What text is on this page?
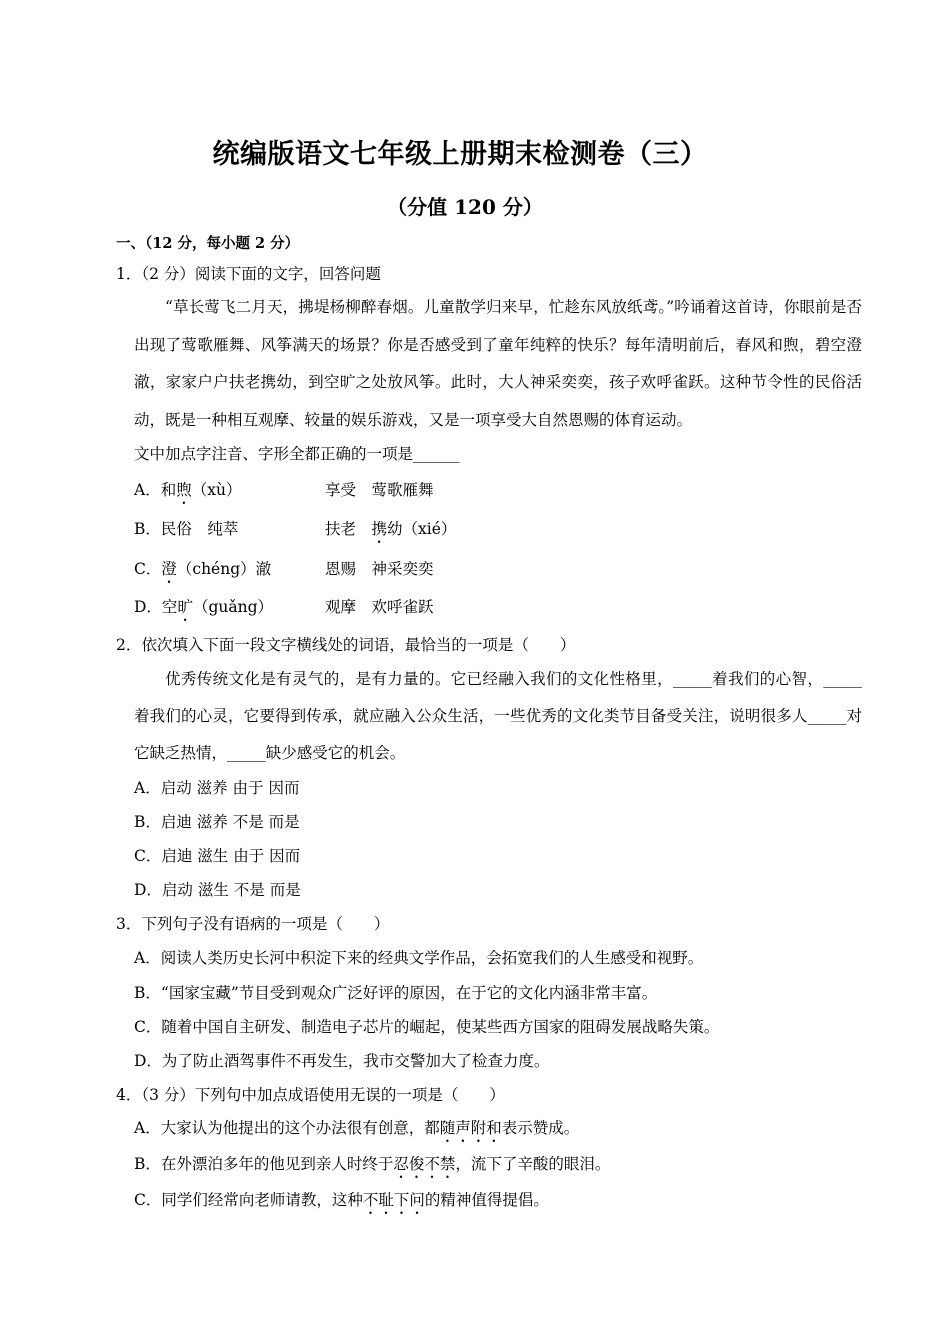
统编版语文七年级上册期末检测卷（三）
（分值 120 分）
一、（12 分，每小题 2 分）
1．（2 分）阅读下面的文字，回答问题
“草长莺飞二月天，拂堤杨柳醉春烟。儿童散学归来早，忙趁东风放纸鸢。”吟诵着这首诗，你眼前是否出现了莺歌雁舞、风筝满天的场景？你是否感受到了童年纯粹的快乐？每年清明前后，春风和煦，碧空澄澈，家家户户扶老携幼，到空旷之处放风筝。此时，大人神采奕奕，孩子欢呼雀跃。这种节令性的民俗活动，既是一种相互观摩、较量的娱乐游戏，又是一项享受大自然恩赐的体育运动。
文中加点字注音、字形全都正确的一项是______
A．和煦（xù）	享受　莺歌雁舞
B．民俗　纯萃	扶老　携幼（xié）
C．澄（chéng）澈	恩赐　神采奕奕
D．空旷（guǎng）	观摩　欢呼雀跃
2．依次填入下面一段文字横线处的词语，最恰当的一项是（　　）
优秀传统文化是有灵气的，是有力量的。它已经融入我们的文化性格里，_____着我们的心智，_____着我们的心灵，它要得到传承，就应融入公众生活，一些优秀的文化类节目备受关注，说明很多人_____对它缺乏热情，_____缺少感受它的机会。
A．启动 滋养 由于 因而
B．启迪 滋养 不是 而是
C．启迪 滋生 由于 因而
D．启动 滋生 不是 而是
3．下列句子没有语病的一项是（　　）
A．阅读人类历史长河中积淀下来的经典文学作品，会拓宽我们的人生感受和视野。
B．“国家宝藏”节目受到观众广泛好评的原因，在于它的文化内涵非常丰富。
C．随着中国自主研发、制造电子芯片的崛起，使某些西方国家的阻碍发展战略失策。
D．为了防止酒驾事件不再发生，我市交警加大了检查力度。
4．（3 分）下列句中加点成语使用无误的一项是（　　）
A．大家认为他提出的这个办法很有创意，都随声附和表示赞成。
B．在外漂泊多年的他见到亲人时终于忍俊不禁，流下了辛酸的眼泪。
C．同学们经常向老师请教，这种不耻下问的精神值得提倡。
